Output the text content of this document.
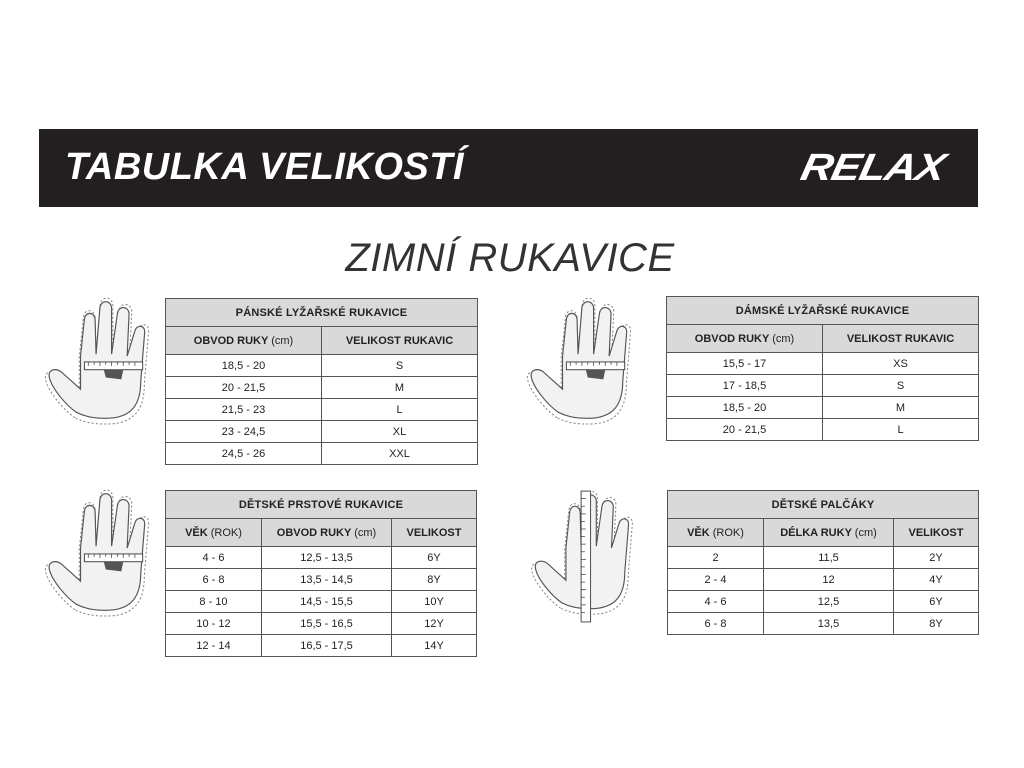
TABULKA VELIKOSTÍ	RELAX
ZIMNÍ RUKAVICE
PÁNSKÉ LYŽAŘSKÉ RUKAVICE	
OBVOD RUKY (cm)	VELIKOST RUKAVIC
18,5 - 20	S
20 - 21,5	M
21,5 - 23	L
23 - 24,5	XL
24,5 - 26	XXL
DÁMSKÉ LYŽAŘSKÉ RUKAVICE	
OBVOD RUKY (cm)	VELIKOST RUKAVIC
15,5 - 17	XS
17 - 18,5	S
18,5 - 20	M
20 - 21,5	L
DĚTSKÉ PRSTOVÉ RUKAVICE		
VĚK (ROK)	OBVOD RUKY (cm)	VELIKOST
4 - 6	12,5 - 13,5	6Y
6 - 8	13,5 - 14,5	8Y
8 - 10	14,5 - 15,5	10Y
10 - 12	15,5 - 16,5	12Y
12 - 14	16,5 - 17,5	14Y
DĚTSKÉ PALČÁKY		
VĚK (ROK)	DÉLKA RUKY (cm)	VELIKOST
2	11,5	2Y
2 - 4	12	4Y
4 - 6	12,5	6Y
6 - 8	13,5	8Y
